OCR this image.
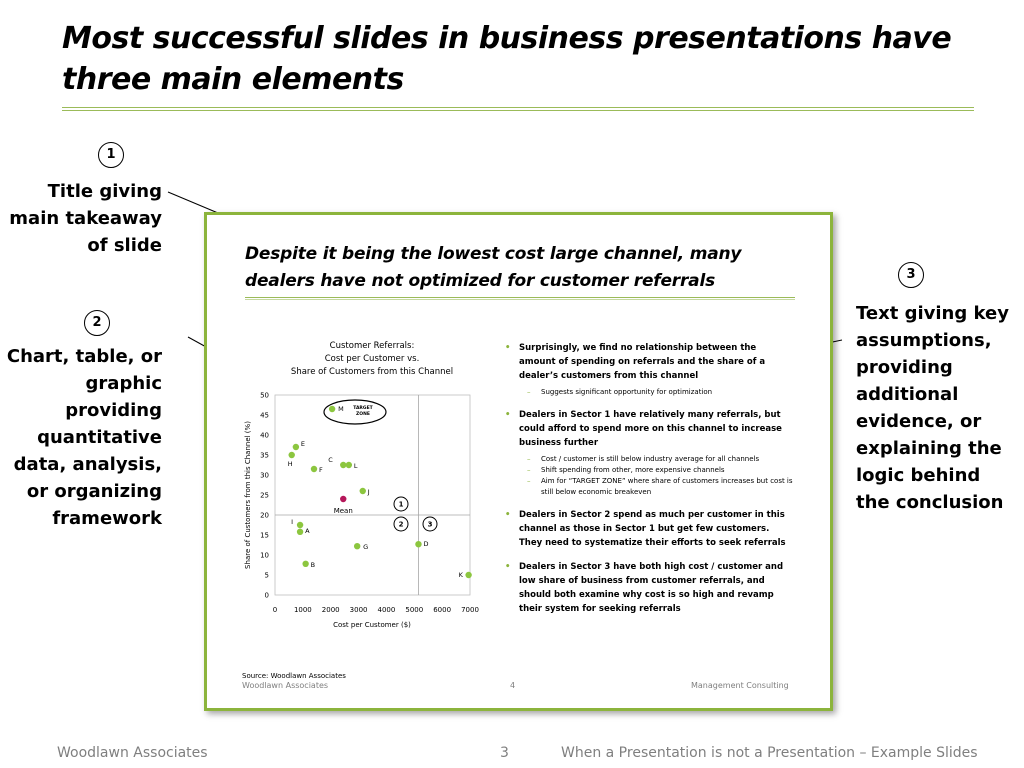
Most successful slides in business presentations have three main elements
1
Title giving main takeaway of slide
2
Chart, table, or graphic providing quantitative data, analysis, or organizing framework
3
Text giving key assumptions, providing additional evidence, or explaining the logic behind the conclusion
Despite it being the lowest cost large channel, many dealers have not optimized for customer referrals
Customer Referrals:
Cost per Customer vs.
Share of Customers from this Channel
0
5
10
15
20
25
30
35
40
45
50
0 1000 2000 3000 4000 5000 6000 7000
Cost per Customer ($)
Share of Customers from this Channel (%)
TARGET
ZONE
1
2	3
M
E
H
F
C
L
J
I
A
G	D
B
K
Mean
• Surprisingly, we find no relationship between the amount of spending on referrals and the share of a dealer’s customers from this channel
– Suggests significant opportunity for optimization
• Dealers in Sector 1 have relatively many referrals, but could afford to spend more on this channel to increase business further
– Cost / customer is still below industry average for all channels
– Shift spending from other, more expensive channels
– Aim for “TARGET ZONE” where share of customers increases but cost is still below economic breakeven
• Dealers in Sector 2 spend as much per customer in this channel as those in Sector 1 but get few customers. They need to systematize their efforts to seek referrals
• Dealers in Sector 3 have both high cost / customer and low share of business from customer referrals, and should both examine why cost is so high and revamp their system for seeking referrals
Source: Woodlawn Associates
Woodlawn Associates	4	Management Consulting
Woodlawn Associates	3	When a Presentation is not a Presentation – Example Slides
